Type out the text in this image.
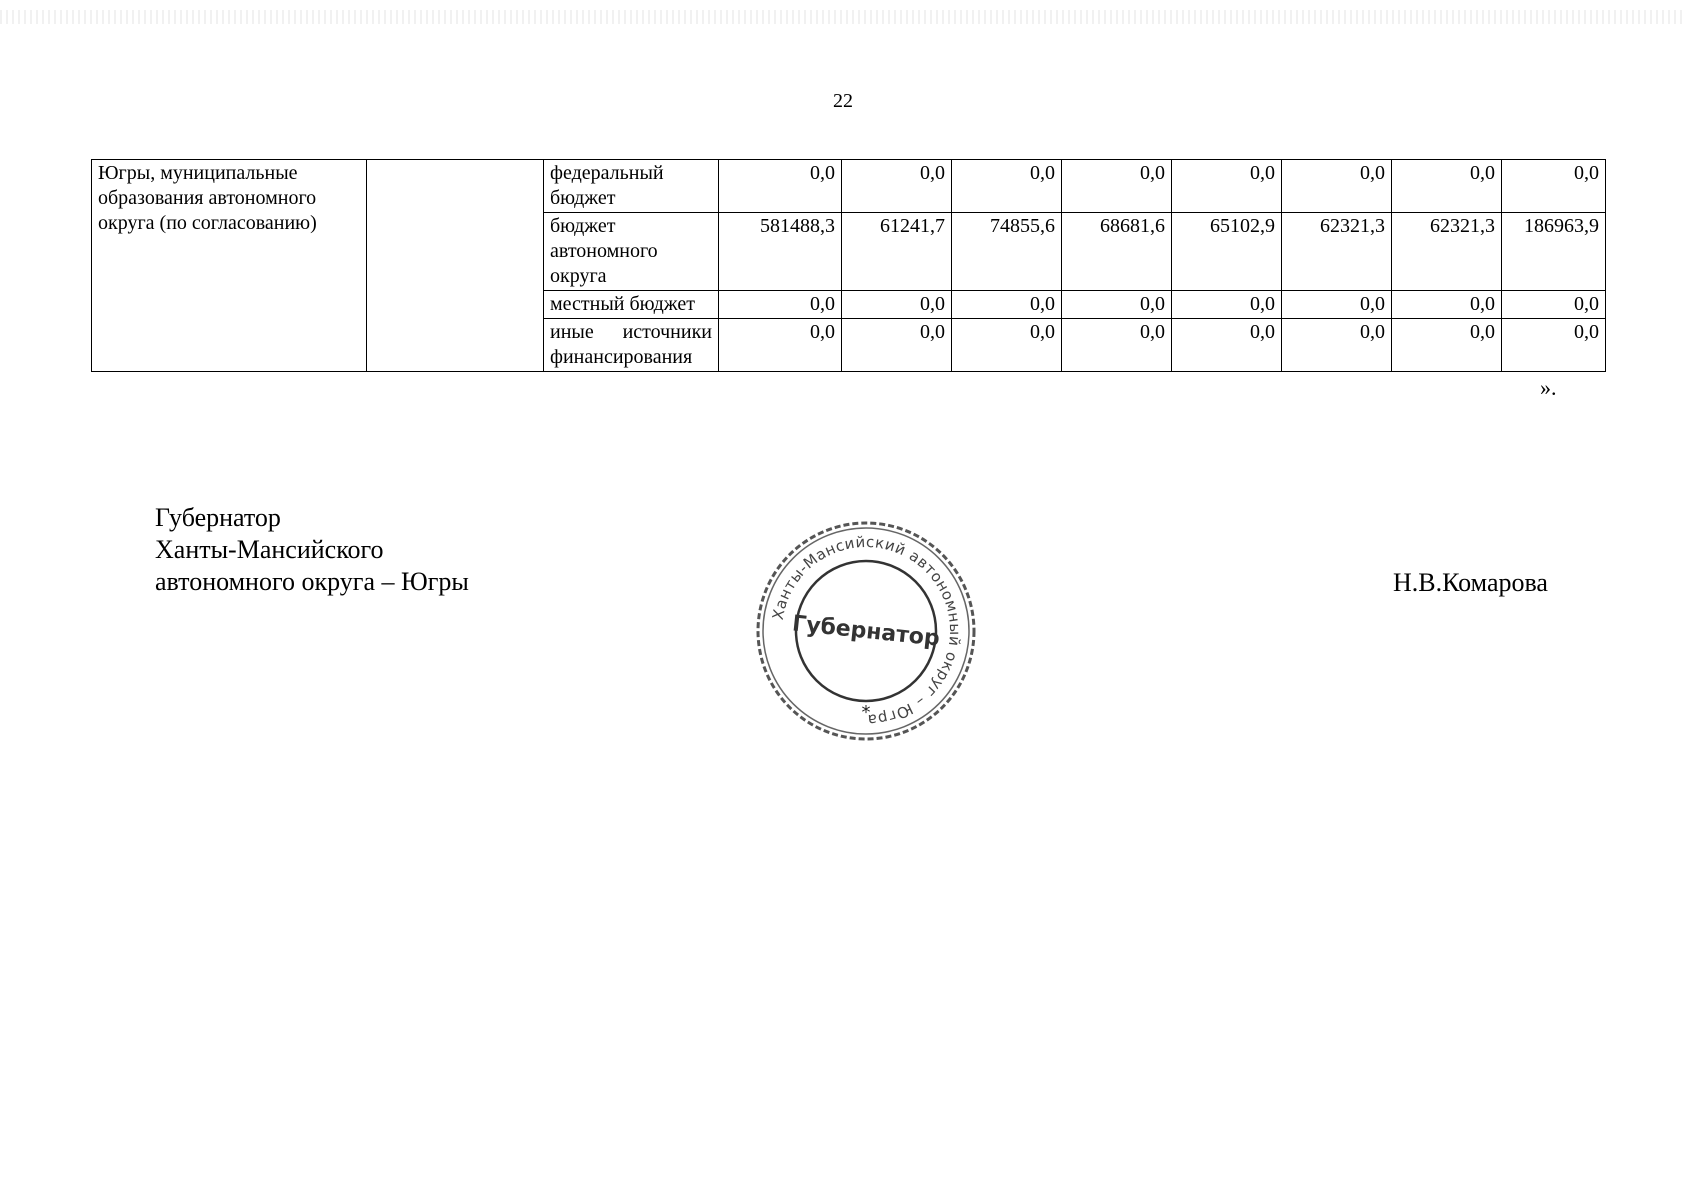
22
Югры, муниципальные образования автономного округа (по согласованию)		федеральный бюджет	0,0	0,0	0,0	0,0	0,0	0,0	0,0	0,0
		бюджет автономного округа	581488,3	61241,7	74855,6	68681,6	65102,9	62321,3	62321,3	186963,9
		местный бюджет	0,0	0,0	0,0	0,0	0,0	0,0	0,0	0,0
		иные источники финансирования	0,0	0,0	0,0	0,0	0,0	0,0	0,0	0,0
».
Губернатор
Ханты-Мансийского
автономного округа – Югры	Н.В.Комарова
Ханты-Мансийский автономный округ – Югра
Губернатор
*
